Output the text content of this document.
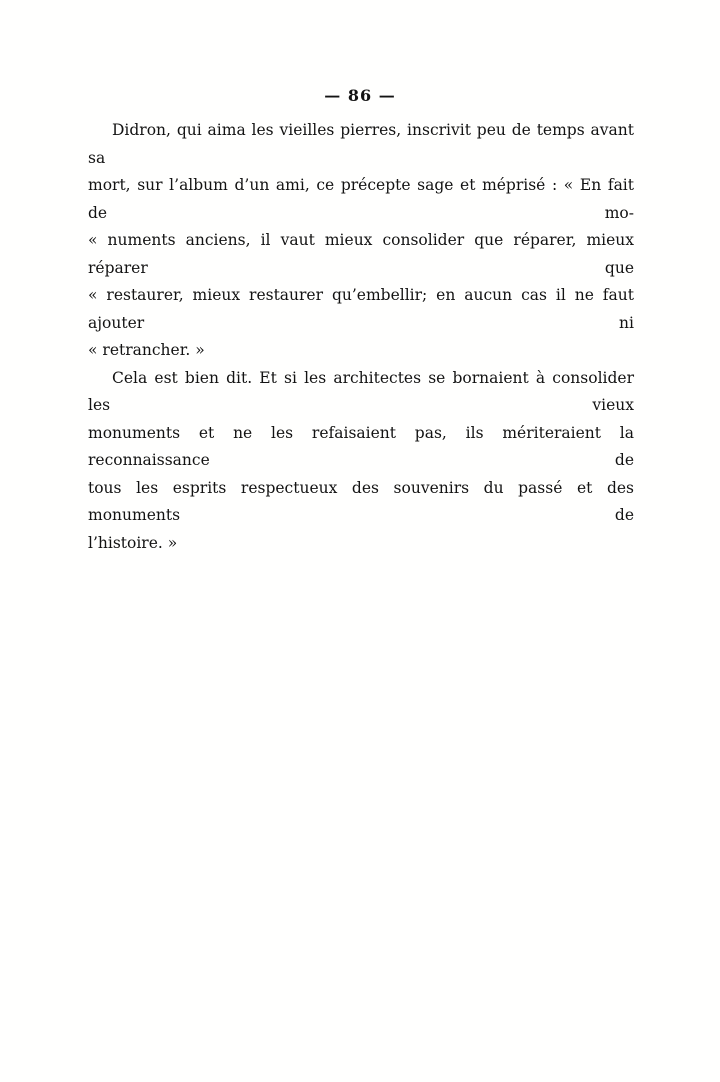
— 86 —
Didron, qui aima les vieilles pierres, inscrivit peu de temps avant sa
mort, sur l’album d’un ami, ce précepte sage et méprisé : « En fait de mo-
« numents anciens, il vaut mieux consolider que réparer, mieux réparer que
« restaurer, mieux restaurer qu’embellir; en aucun cas il ne faut ajouter ni
« retrancher. »
Cela est bien dit. Et si les architectes se bornaient à consolider les vieux
monuments et ne les refaisaient pas, ils mériteraient la reconnaissance de
tous les esprits respectueux des souvenirs du passé et des monuments de
l’histoire. »
